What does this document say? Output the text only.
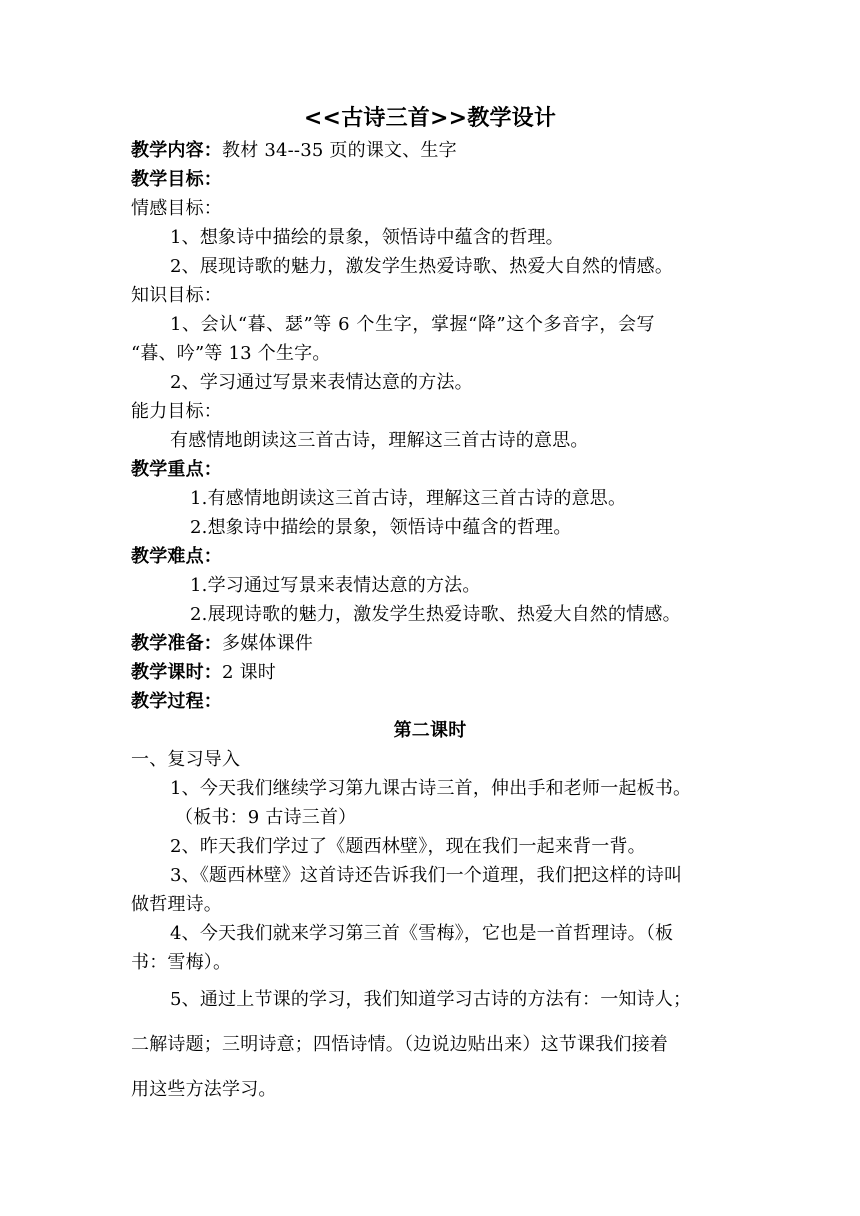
<<古诗三首>>教学设计
教学内容：教材 34--35 页的课文、生字
教学目标：
情感目标：
1、想象诗中描绘的景象，领悟诗中蕴含的哲理。
2、展现诗歌的魅力，激发学生热爱诗歌、热爱大自然的情感。
知识目标：
1、会认“暮、瑟”等 6 个生字，掌握“降”这个多音字，会写
“暮、吟”等 13 个生字。
2、学习通过写景来表情达意的方法。
能力目标：
有感情地朗读这三首古诗，理解这三首古诗的意思。
教学重点：
1.有感情地朗读这三首古诗，理解这三首古诗的意思。
2.想象诗中描绘的景象，领悟诗中蕴含的哲理。
教学难点：
1.学习通过写景来表情达意的方法。
2.展现诗歌的魅力，激发学生热爱诗歌、热爱大自然的情感。
教学准备：多媒体课件
教学课时：2 课时
教学过程：
第二课时
一、复习导入
1、今天我们继续学习第九课古诗三首，伸出手和老师一起板书。
（板书：9 古诗三首）
2、昨天我们学过了《题西林壁》，现在我们一起来背一背。
3、《题西林壁》这首诗还告诉我们一个道理，我们把这样的诗叫
做哲理诗。
4、今天我们就来学习第三首《雪梅》，它也是一首哲理诗。（板
书：雪梅）。
5、通过上节课的学习，我们知道学习古诗的方法有：一知诗人；
二解诗题；三明诗意；四悟诗情。（边说边贴出来）这节课我们接着
用这些方法学习。
